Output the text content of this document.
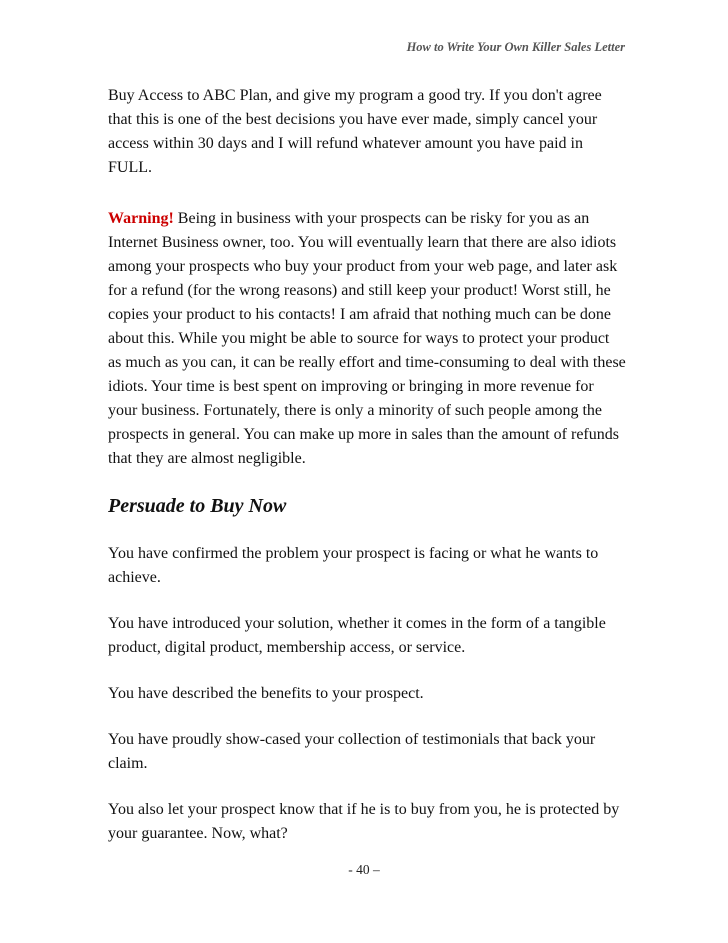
How to Write Your Own Killer Sales Letter

Buy Access to ABC Plan, and give my program a good try. If you don't agree that this is one of the best decisions you have ever made, simply cancel your access within 30 days and I will refund whatever amount you have paid in FULL.

Warning! Being in business with your prospects can be risky for you as an Internet Business owner, too. You will eventually learn that there are also idiots among your prospects who buy your product from your web page, and later ask for a refund (for the wrong reasons) and still keep your product! Worst still, he copies your product to his contacts! I am afraid that nothing much can be done about this. While you might be able to source for ways to protect your product as much as you can, it can be really effort and time-consuming to deal with these idiots. Your time is best spent on improving or bringing in more revenue for your business. Fortunately, there is only a minority of such people among the prospects in general. You can make up more in sales than the amount of refunds that they are almost negligible.

Persuade to Buy Now

You have confirmed the problem your prospect is facing or what he wants to achieve.

You have introduced your solution, whether it comes in the form of a tangible product, digital product, membership access, or service.

You have described the benefits to your prospect.

You have proudly show-cased your collection of testimonials that back your claim.

You also let your prospect know that if he is to buy from you, he is protected by your guarantee. Now, what?

- 40 –
